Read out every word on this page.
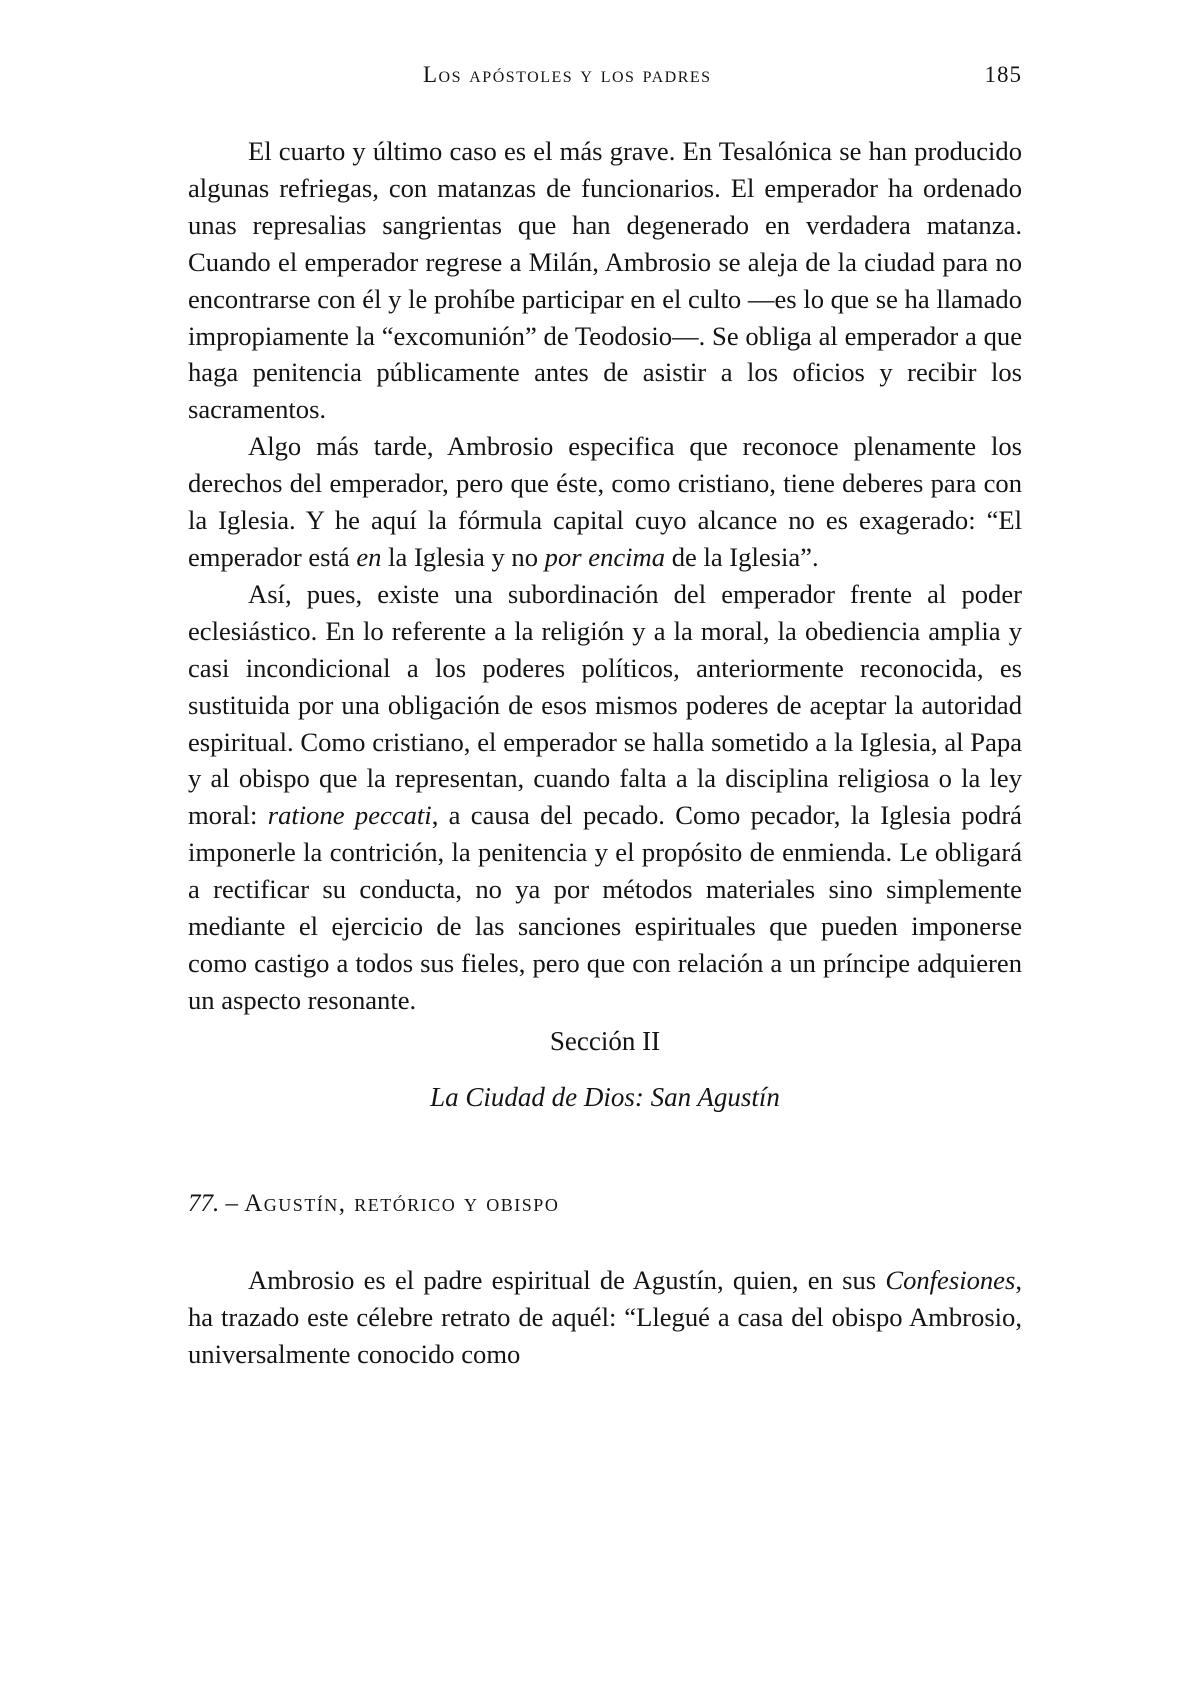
Los apóstoles y los padres	185

El cuarto y último caso es el más grave. En Tesalónica se han producido algunas refriegas, con matanzas de funcionarios. El emperador ha ordenado unas represalias sangrientas que han degenerado en verdadera matanza. Cuando el emperador regrese a Milán, Ambrosio se aleja de la ciudad para no encontrarse con él y le prohíbe participar en el culto —es lo que se ha llamado impropiamente la “excomunión” de Teodosio—. Se obliga al emperador a que haga penitencia públicamente antes de asistir a los oficios y recibir los sacramentos.

Algo más tarde, Ambrosio especifica que reconoce plenamente los derechos del emperador, pero que éste, como cristiano, tiene deberes para con la Iglesia. Y he aquí la fórmula capital cuyo alcance no es exagerado: “El emperador está en la Iglesia y no por encima de la Iglesia”.

Así, pues, existe una subordinación del emperador frente al poder eclesiástico. En lo referente a la religión y a la moral, la obediencia amplia y casi incondicional a los poderes políticos, anteriormente reconocida, es sustituida por una obligación de esos mismos poderes de aceptar la autoridad espiritual. Como cristiano, el emperador se halla sometido a la Iglesia, al Papa y al obispo que la representan, cuando falta a la disciplina religiosa o la ley moral: ratione peccati, a causa del pecado. Como pecador, la Iglesia podrá imponerle la contrición, la penitencia y el propósito de enmienda. Le obligará a rectificar su conducta, no ya por métodos materiales sino simplemente mediante el ejercicio de las sanciones espirituales que pueden imponerse como castigo a todos sus fieles, pero que con relación a un príncipe adquieren un aspecto resonante.

Sección II
La Ciudad de Dios: San Agustín
77. – Agustín, retórico y obispo

Ambrosio es el padre espiritual de Agustín, quien, en sus Confesiones, ha trazado este célebre retrato de aquél: “Llegué a casa del obispo Ambrosio, universalmente conocido como
